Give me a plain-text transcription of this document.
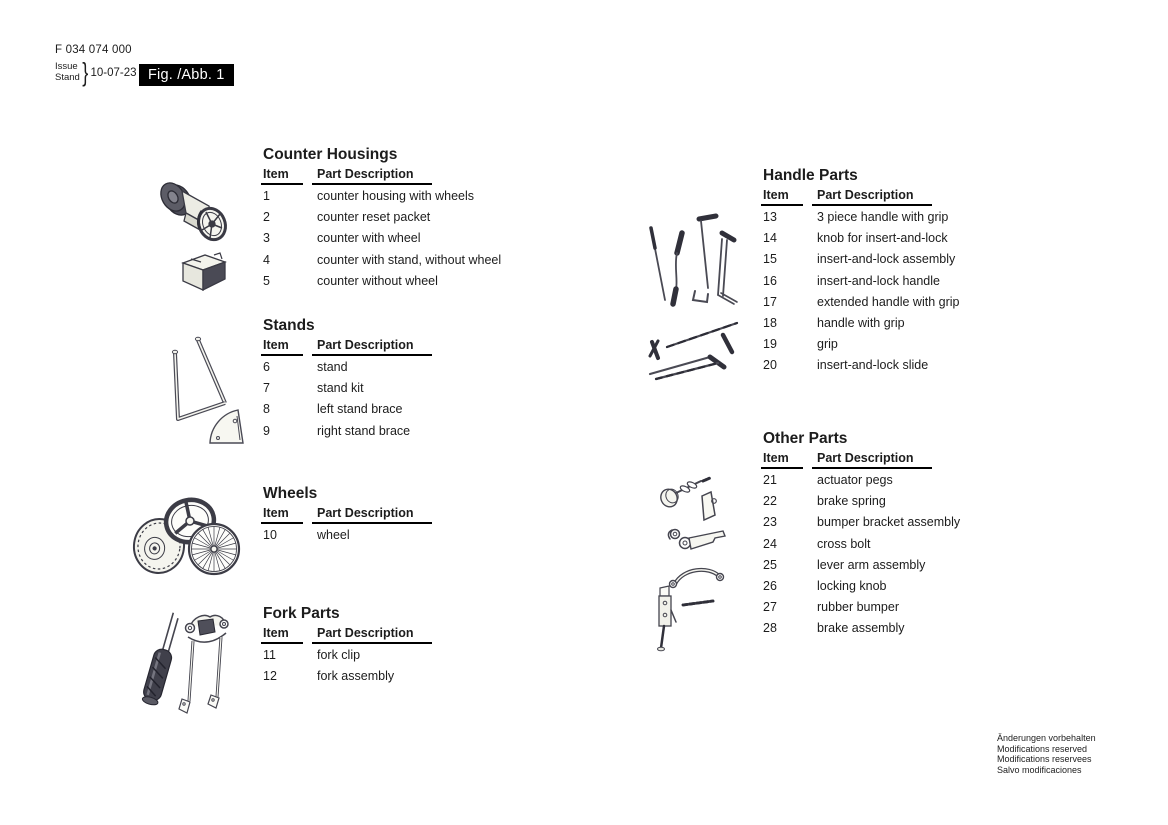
F 034 074 000
Issue
Stand } 10-07-23 Fig. /Abb. 1
Counter Housings
Item	Part Description
1	counter housing with wheels
2	counter reset packet
3	counter with wheel
4	counter with stand, without wheel
5	counter without wheel
Stands
Item	Part Description
6	stand
7	stand kit
8	left stand brace
9	right stand brace
Wheels
Item	Part Description
10	wheel
Fork Parts
Item	Part Description
11	fork clip
12	fork assembly
Handle Parts
Item	Part Description
13	3 piece handle with grip
14	knob for insert-and-lock
15	insert-and-lock assembly
16	insert-and-lock handle
17	extended handle with grip
18	handle with grip
19	grip
20	insert-and-lock slide
Other Parts
Item	Part Description
21	actuator pegs
22	brake spring
23	bumper bracket assembly
24	cross bolt
25	lever arm assembly
26	locking knob
27	rubber bumper
28	brake assembly
Änderungen vorbehalten
Modifications reserved
Modifications reservees
Salvo modificaciones
